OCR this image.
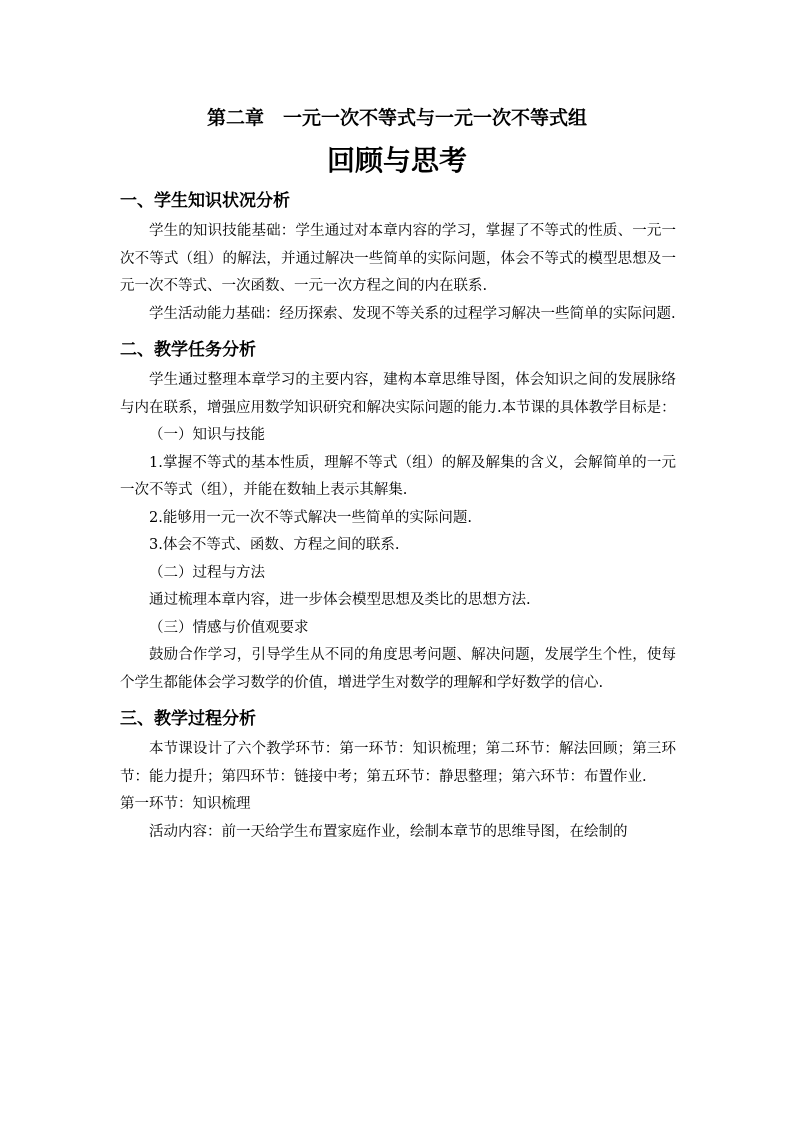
第二章　一元一次不等式与一元一次不等式组
回顾与思考
一、学生知识状况分析

学生的知识技能基础：学生通过对本章内容的学习，掌握了不等式的性质、一元一次不等式（组）的解法，并通过解决一些简单的实际问题，体会不等式的模型思想及一元一次不等式、一次函数、一元一次方程之间的内在联系.

学生活动能力基础：经历探索、发现不等关系的过程学习解决一些简单的实际问题.

二、教学任务分析

学生通过整理本章学习的主要内容，建构本章思维导图，体会知识之间的发展脉络与内在联系，增强应用数学知识研究和解决实际问题的能力.本节课的具体教学目标是：

（一）知识与技能

1.掌握不等式的基本性质，理解不等式（组）的解及解集的含义，会解简单的一元一次不等式（组），并能在数轴上表示其解集.

2.能够用一元一次不等式解决一些简单的实际问题.

3.体会不等式、函数、方程之间的联系.

（二）过程与方法

通过梳理本章内容，进一步体会模型思想及类比的思想方法.

（三）情感与价值观要求

鼓励合作学习，引导学生从不同的角度思考问题、解决问题，发展学生个性，使每个学生都能体会学习数学的价值，增进学生对数学的理解和学好数学的信心.

三、教学过程分析

本节课设计了六个教学环节：第一环节：知识梳理；第二环节：解法回顾；第三环节：能力提升；第四环节：链接中考；第五环节：静思整理；第六环节：布置作业.

第一环节：知识梳理

活动内容：前一天给学生布置家庭作业，绘制本章节的思维导图，在绘制的
